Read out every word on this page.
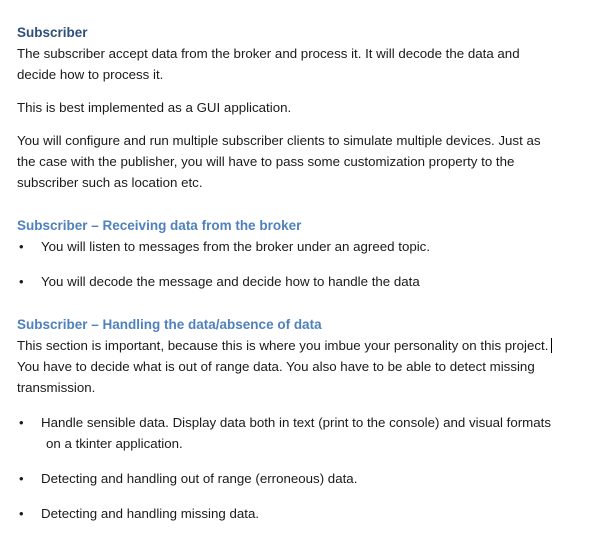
Subscriber

The subscriber accept data from the broker and process it. It will decode the data and
decide how to process it.

This is best implemented as a GUI application.

You will configure and run multiple subscriber clients to simulate multiple devices. Just as
the case with the publisher, you will have to pass some customization property to the
subscriber such as location etc.

Subscriber – Receiving data from the broker
• You will listen to messages from the broker under an agreed topic.
• You will decode the message and decide how to handle the data
Subscriber – Handling the data/absence of data

This section is important, because this is where you imbue your personality on this project.
You have to decide what is out of range data. You also have to be able to detect missing
transmission.

• Handle sensible data. Display data both in text (print to the console) and visual formats
on a tkinter application.
• Detecting and handling out of range (erroneous) data.
• Detecting and handling missing data.
